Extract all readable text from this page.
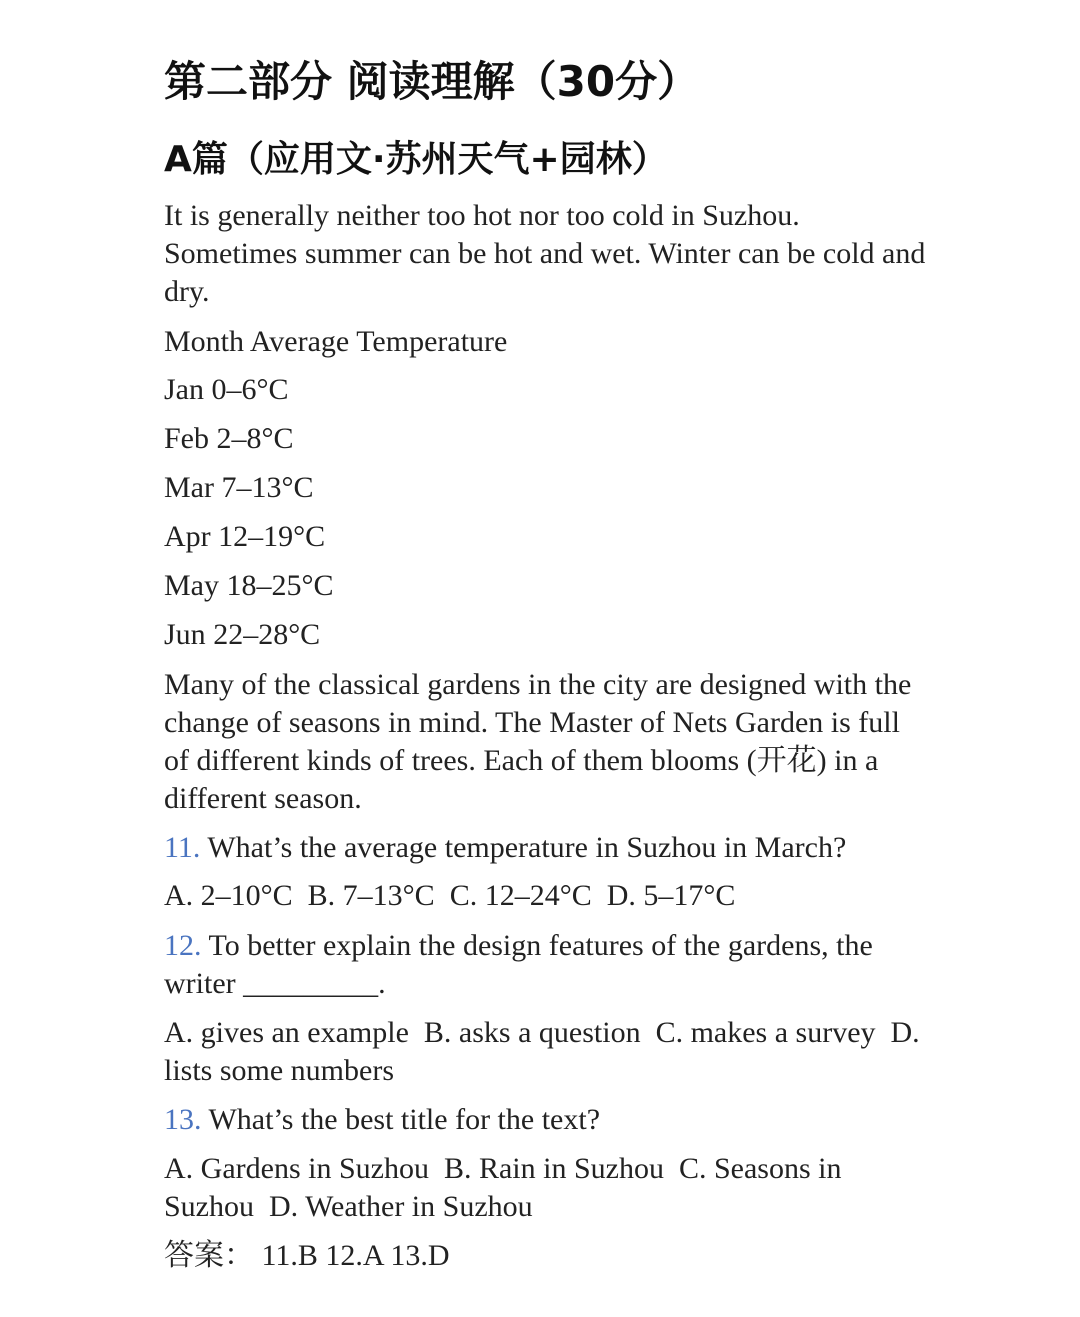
第二部分 阅读理解（30分）
A篇（应用文·苏州天气+园林）
It is generally neither too hot nor too cold in Suzhou. Sometimes summer can be hot and wet. Winter can be cold and dry.
Month Average Temperature
Jan 0–6°C
Feb 2–8°C
Mar 7–13°C
Apr 12–19°C
May 18–25°C
Jun 22–28°C
Many of the classical gardens in the city are designed with the change of seasons in mind. The Master of Nets Garden is full of different kinds of trees. Each of them blooms (开花) in a different season.
11. What’s the average temperature in Suzhou in March?
A. 2–10°C  B. 7–13°C  C. 12–24°C  D. 5–17°C
12. To better explain the design features of the gardens, the writer _________.
A. gives an example  B. asks a question  C. makes a survey  D. lists some numbers
13. What’s the best title for the text?
A. Gardens in Suzhou  B. Rain in Suzhou  C. Seasons in Suzhou  D. Weather in Suzhou
答案： 11.B 12.A 13.D
